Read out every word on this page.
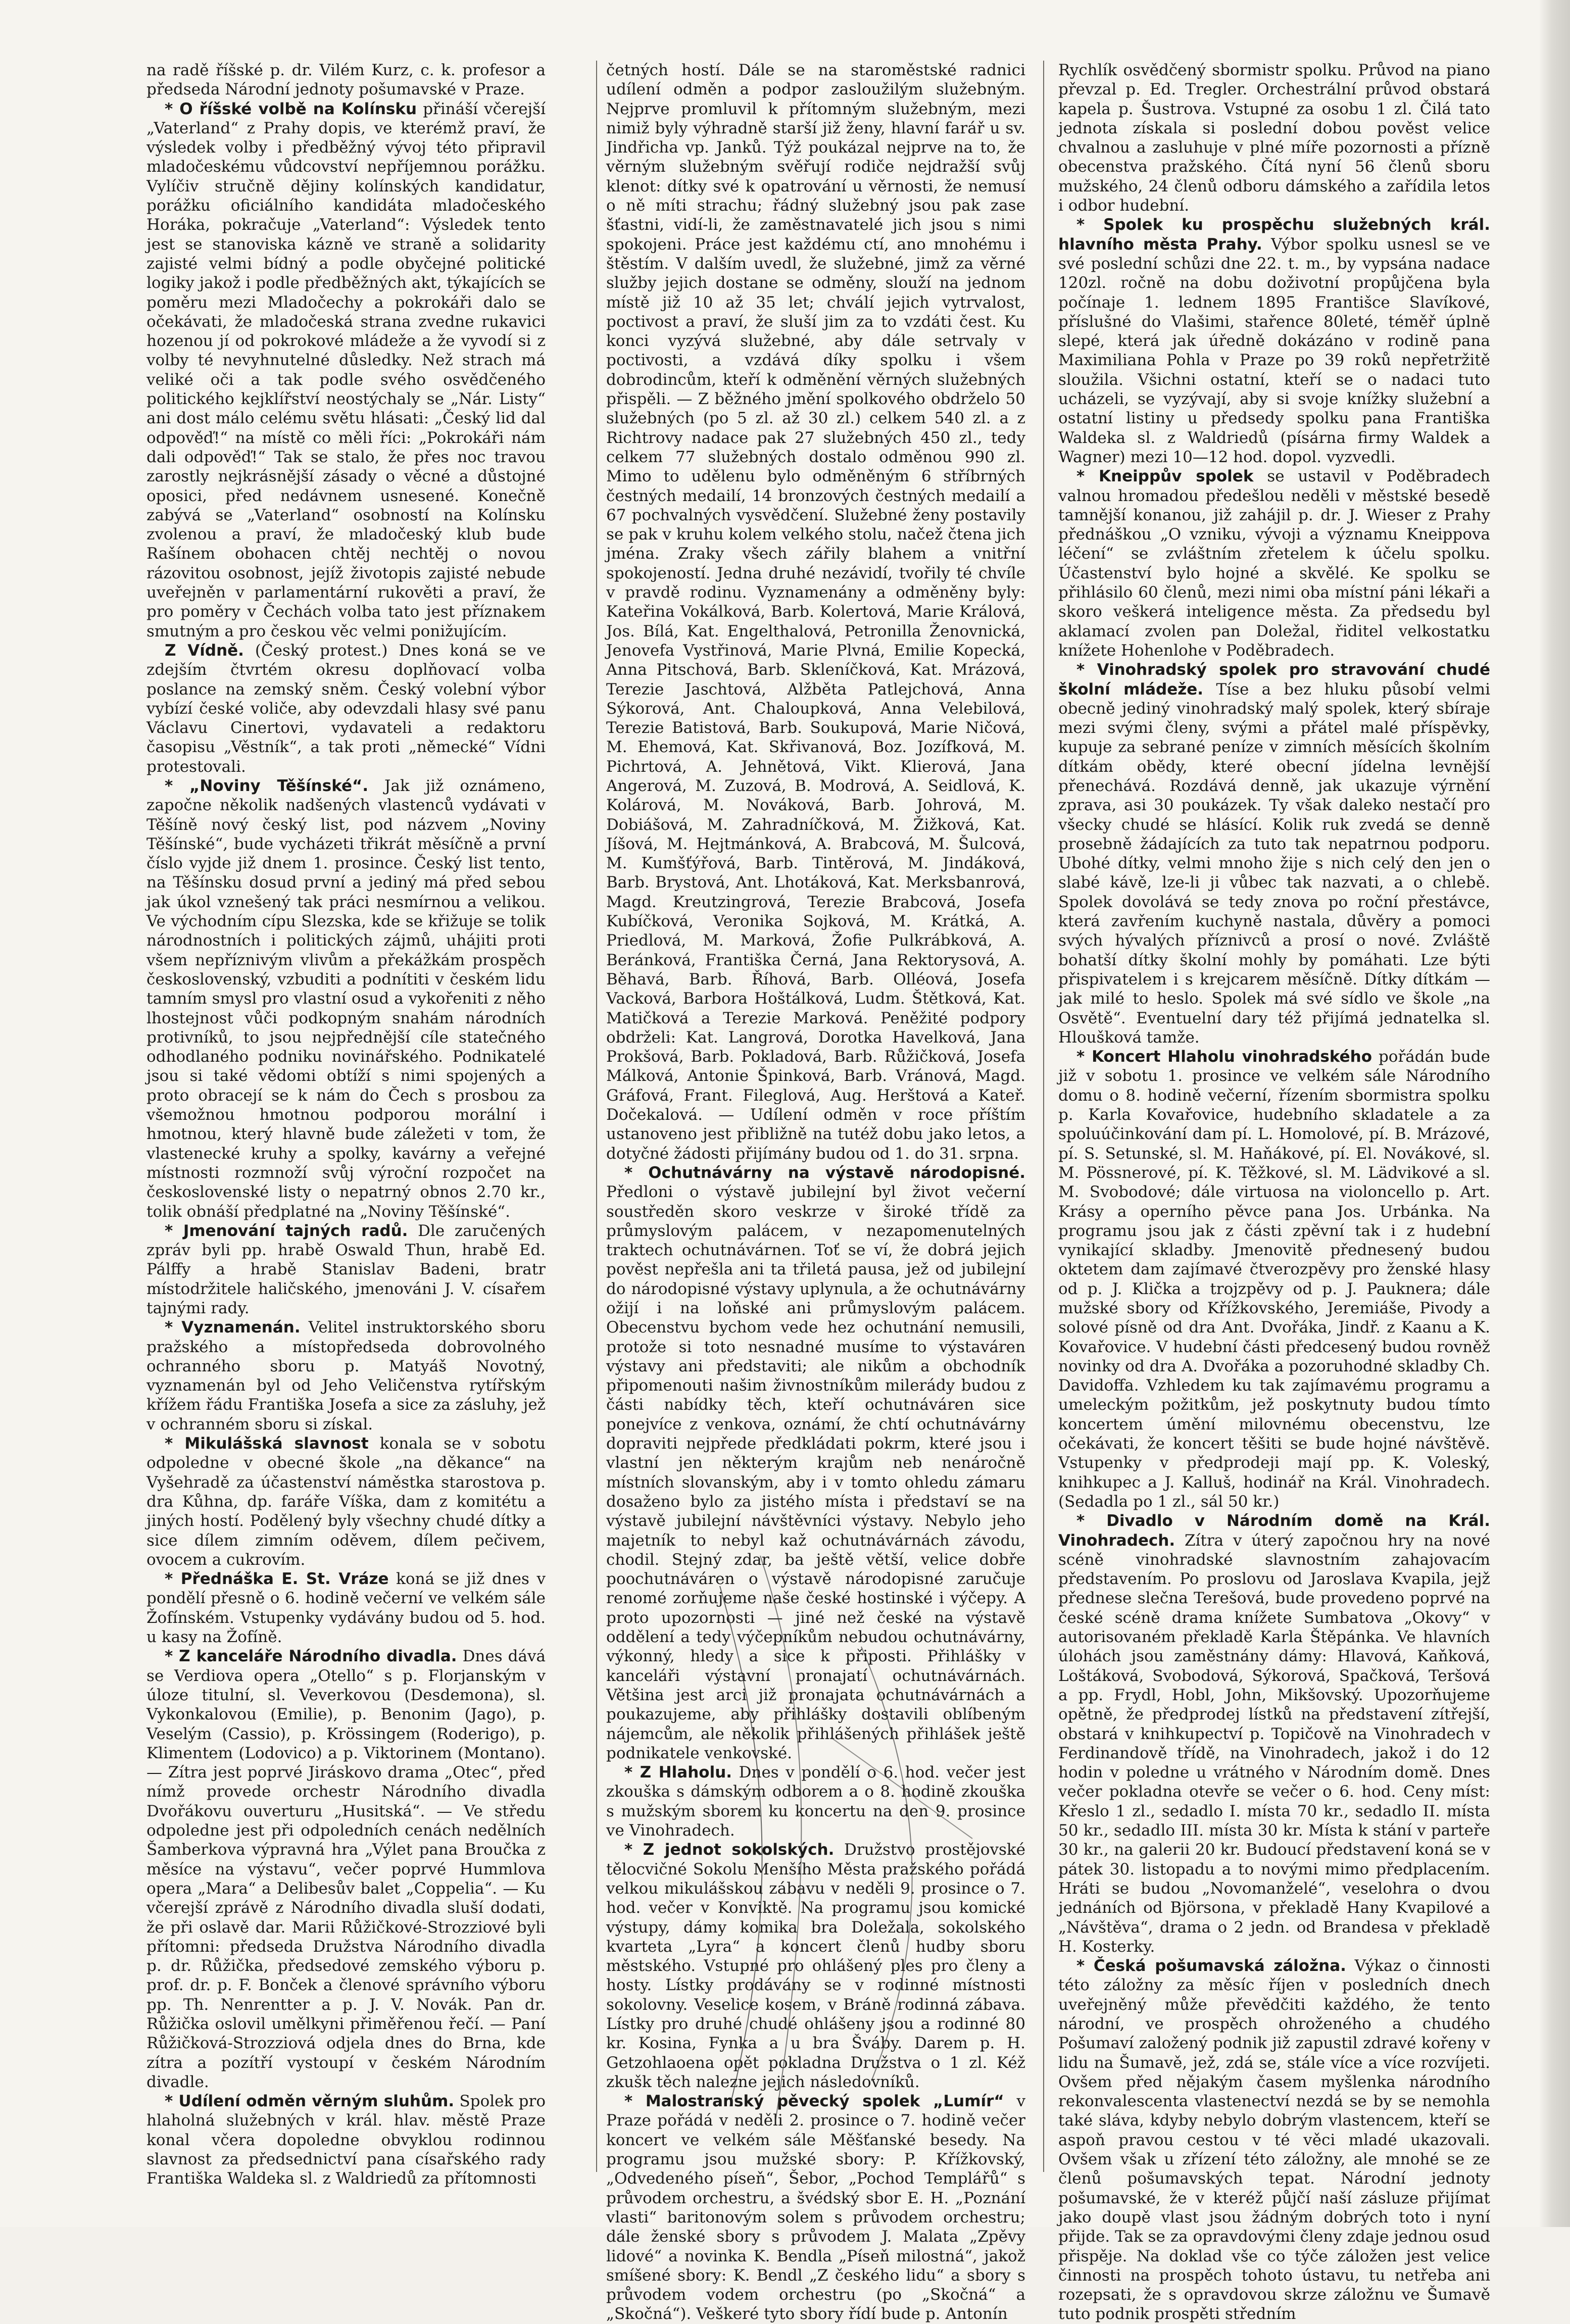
na radě říšské p. dr. Vilém Kurz, c. k. profesor a předseda Národní jednoty pošumavské v Praze.

* O říšské volbě na Kolínsku přináší včerejší „Vaterland“ z Prahy dopis, ve kterémž praví, že výsledek volby i předběžný vývoj této připravil mladočeskému vůdcovství nepříjemnou porážku. Vylíčiv stručně dějiny kolínských kandidatur, porážku oficiálního kandidáta mladočeského Horáka, pokračuje „Vaterland“: Výsledek tento jest se stanoviska kázně ve straně a solidarity zajisté velmi bídný a podle obyčejné politické logiky jakož i podle předběžných akt, týkajících se poměru mezi Mladočechy a pokrokáři dalo se očekávati, že mladočeská strana zvedne rukavici hozenou jí od pokrokové mládeže a že vyvodí si z volby té nevyhnutelné důsledky. Než strach má veliké oči a tak podle svého osvědčeného politického kejklířství neostýchaly se „Nár. Listy“ ani dost málo celému světu hlásati: „Český lid dal odpověď!“ na místě co měli říci: „Pokrokáři nám dali odpověď!“ Tak se stalo, že přes noc travou zarostly nejkrásnější zásady o věcné a důstojné oposici, před nedávnem usnesené. Konečně zabývá se „Vaterland“ osobností na Kolínsku zvolenou a praví, že mladočeský klub bude Rašínem obohacen chtěj nechtěj o novou rázovitou osobnost, jejíž životopis zajisté nebude uveřejněn v parlamentární rukověti a praví, že pro poměry v Čechách volba tato jest příznakem smutným a pro českou věc velmi ponižujícím.

Z Vídně. (Český protest.) Dnes koná se ve zdejším čtvrtém okresu doplňovací volba poslance na zemský sněm. Český volební výbor vybízí české voliče, aby odevzdali hlasy své panu Václavu Cinertovi, vydavateli a redaktoru časopisu „Věstník“, a tak proti „německé“ Vídni protestovali.

* „Noviny Těšínské“. Jak již oznámeno, započne několik nadšených vlastenců vydávati v Těšíně nový český list, pod názvem „Noviny Těšínské“, bude vycházeti třikrát měsíčně a první číslo vyjde již dnem 1. prosince. Český list tento, na Těšínsku dosud první a jediný má před sebou jak úkol vznešený tak práci nesmírnou a velikou. Ve východním cípu Slezska, kde se křižuje se tolik národnostních i politických zájmů, uhájiti proti všem nepříznivým vlivům a překážkám prospěch československý, vzbuditi a podnítiti v českém lidu tamním smysl pro vlastní osud a vykořeniti z něho lhostejnost vůči podkopným snahám národních protivníků, to jsou nejpřednější cíle statečného odhodlaného podniku novinářského. Podnikatelé jsou si také vědomi obtíží s nimi spojených a proto obracejí se k nám do Čech s prosbou za všemožnou hmotnou podporou morální i hmotnou, který hlavně bude záležeti v tom, že vlastenecké kruhy a spolky, kavárny a veřejné místnosti rozmnoží svůj výroční rozpočet na československé listy o nepatrný obnos 2.70 kr., tolik obnáší předplatné na „Noviny Těšínské“.

* Jmenování tajných radů. Dle zaručených zpráv byli pp. hrabě Oswald Thun, hrabě Ed. Pálffy a hrabě Stanislav Badeni, bratr místodržitele haličského, jmenováni J. V. císařem tajnými rady.

* Vyznamenán. Velitel instruktorského sboru pražského a místopředseda dobrovolného ochranného sboru p. Matyáš Novotný, vyznamenán byl od Jeho Veličenstva rytířským křížem řádu Františka Josefa a sice za zásluhy, jež v ochranném sboru si získal.

* Mikulášská slavnost konala se v sobotu odpoledne v obecné škole „na děkance“ na Vyšehradě za účastenství náměstka starostova p. dra Kůhna, dp. faráře Víška, dam z komitétu a jiných hostí. Podělený byly všechny chudé dítky a sice dílem zimním oděvem, dílem pečivem, ovocem a cukrovím.

* Přednáška E. St. Vráze koná se již dnes v pondělí přesně o 6. hodině večerní ve velkém sále Žofínském. Vstupenky vydávány budou od 5. hod. u kasy na Žofíně.

* Z kanceláře Národního divadla. Dnes dává se Verdiova opera „Otello“ s p. Florjanským v úloze titulní, sl. Veverkovou (Desdemona), sl. Vykonkalovou (Emilie), p. Benonim (Jago), p. Veselým (Cassio), p. Krössingem (Roderigo), p. Klimentem (Lodovico) a p. Viktorinem (Montano). — Zítra jest poprvé Jiráskovo drama „Otec“, před nímž provede orchestr Národního divadla Dvořákovu ouverturu „Husitská“. — Ve středu odpoledne jest při odpoledních cenách nedělních Šamberkova výpravná hra „Výlet pana Broučka z měsíce na výstavu“, večer poprvé Hummlova opera „Mara“ a Delibesův balet „Coppelia“. — Ku včerejší zprávě z Národního divadla sluší dodati, že při oslavě dar. Marii Růžičkové-Strozziové byli přítomni: předseda Družstva Národního divadla p. dr. Růžička, předsedové zemského výboru p. prof. dr. p. F. Bonček a členové správního výboru pp. Th. Nenrentter a p. J. V. Novák. Pan dr. Růžička oslovil umělkyni přiměřenou řečí. — Paní Růžičková-Strozziová odjela dnes do Brna, kde zítra a pozítří vystoupí v českém Národním divadle.

* Udílení odměn věrným sluhům. Spolek pro hlaholná služebných v král. hlav. městě Praze konal včera dopoledne obvyklou rodinnou slavnost za předsednictví pana císařského rady Františka Waldeka sl. z Waldriedů za přítomnosti

četných hostí. Dále se na staroměstské radnici udílení odměn a podpor zasloužilým služebným. Nejprve promluvil k přítomným služebným, mezi nimiž byly výhradně starší již ženy, hlavní farář u sv. Jindřicha vp. Janků. Týž poukázal nejprve na to, že věrným služebným svěřují rodiče nejdražší svůj klenot: dítky své k opatrování u věrnosti, že nemusí o ně míti strachu; řádný služebný jsou pak zase šťastni, vidí-li, že zaměstnavatelé jich jsou s nimi spokojeni. Práce jest každému ctí, ano mnohému i štěstím. V dalším uvedl, že služebné, jimž za věrné služby jejich dostane se odměny, slouží na jednom místě již 10 až 35 let; chválí jejich vytrvalost, poctivost a praví, že sluší jim za to vzdáti čest. Ku konci vyzývá služebné, aby dále setrvaly v poctivosti, a vzdává díky spolku i všem dobrodincům, kteří k odměnění věrných služebných přispěli. — Z běžného jmění spolkového obdrželo 50 služebných (po 5 zl. až 30 zl.) celkem 540 zl. a z Richtrovy nadace pak 27 služebných 450 zl., tedy celkem 77 služebných dostalo odměnou 990 zl. Mimo to udělenu bylo odměněným 6 stříbrných čestných medailí, 14 bronzových čestných medailí a 67 pochvalných vysvědčení. Služebné ženy postavily se pak v kruhu kolem velkého stolu, načež čtena jich jména. Zraky všech zářily blahem a vnitřní spokojeností. Jedna druhé nezávidí, tvořily té chvíle v pravdě rodinu. Vyznamenány a odměněny byly: Kateřina Vokálková, Barb. Kolertová, Marie Králová, Jos. Bílá, Kat. Engelthalová, Petronilla Ženovnická, Jenovefa Vystřinová, Marie Plvná, Emilie Kopecká, Anna Pitschová, Barb. Skleníčková, Kat. Mrázová, Terezie Jaschtová, Alžběta Patlejchová, Anna Sýkorová, Ant. Chaloupková, Anna Velebilová, Terezie Batistová, Barb. Soukupová, Marie Ničová, M. Ehemová, Kat. Skřivanová, Boz. Jozífková, M. Pichrtová, A. Jehnětová, Vikt. Klierová, Jana Angerová, M. Zuzová, B. Modrová, A. Seidlová, K. Kolárová, M. Nováková, Barb. Johrová, M. Dobiášová, M. Zahradníčková, M. Žižková, Kat. Jíšová, M. Hejtmánková, A. Brabcová, M. Šulcová, M. Kumšťýřová, Barb. Tintěrová, M. Jindáková, Barb. Brystová, Ant. Lhotáková, Kat. Merksbanrová, Magd. Kreutzingrová, Terezie Brabcová, Josefa Kubíčková, Veronika Sojková, M. Krátká, A. Priedlová, M. Marková, Žofie Pulkrábková, A. Beránková, Františka Černá, Jana Rektorysová, A. Běhavá, Barb. Říhová, Barb. Olléová, Josefa Vacková, Barbora Hoštálková, Ludm. Štětková, Kat. Matičková a Terezie Marková. Peněžité podpory obdrželi: Kat. Langrová, Dorotka Havelková, Jana Prokšová, Barb. Pokladová, Barb. Růžičková, Josefa Málková, Antonie Špinková, Barb. Vránová, Magd. Gráfová, Frant. Fileglová, Aug. Herštová a Kateř. Dočekalová. — Udílení odměn v roce příštím ustanoveno jest přibližně na tutéž dobu jako letos, a dotyčné žádosti přijímány budou od 1. do 31. srpna.

* Ochutnávárny na výstavě národopisné. Předloni o výstavě jubilejní byl život večerní soustředěn skoro veskrze v široké třídě za průmyslovým palácem, v nezapomenutelných traktech ochutnávárnen. Toť se ví, že dobrá jejich pověst nepřešla ani ta třiletá pausa, jež od jubilejní do národopisné výstavy uplynula, a že ochutnávárny ožijí i na loňské ani průmyslovým palácem. Obecenstvu bychom vede hez ochutnání nemusili, protože si toto nesnadné musíme to výstaváren výstavy ani představiti; ale nikům a obchodník připomenouti našim živnostníkům milerády budou z části nabídky těch, kteří ochutnáváren sice ponejvíce z venkova, oznámí, že chtí ochutnávárny dopraviti nejpřede předkládati pokrm, které jsou i vlastní jen některým krajům neb nenáročně místních slovanským, aby i v tomto ohledu zámaru dosaženo bylo za jistého místa i představí se na výstavě jubilejní návštěvníci výstavy. Nebylo jeho majetník to nebyl kaž ochutnávárnách závodu, chodil. Stejný zdar, ba ještě větší, velice dobře poochutnáváren o výstavě národopisné zaručuje renomé zorňujeme naše české hostinské i výčepy. A proto upozornosti — jiné než české na výstavě oddělení a tedy výčepníkům nebudou ochutnávárny, výkonný, hledy a sice k připosti. Přihlášky v kanceláři výstavní pronajatí ochutnávárnách. Většina jest arci již pronajata ochutnávárnách a poukazujeme, aby přihlášky dostavili oblíbeným nájemcům, ale několik přihlášených přihlášek ještě podnikatele venkovské.

* Z Hlaholu. Dnes v pondělí o 6. hod. večer jest zkouška s dámským odborem a o 8. hodině zkouška s mužským sborem ku koncertu na den 9. prosince ve Vinohradech.

* Z jednot sokolských. Družstvo prostějovské tělocvičné Sokolu Menšího Města pražského pořádá velkou mikulášskou zábavu v neděli 9. prosince o 7. hod. večer v Konviktě. Na programu jsou komické výstupy, dámy komika bra Doležala, sokolského kvarteta „Lyra“ a koncert členů hudby sboru městského. Vstupné pro ohlášený ples pro členy a hosty. Lístky prodávány se v rodinné místnosti sokolovny. Veselice kosem, v Bráně rodinná zábava. Lístky pro druhé chudé ohlášeny jsou a rodinné 80 kr. Kosina, Fynka a u bra Šváby. Darem p. H. Getzohlaoena opět pokladna Družstva o 1 zl. Kéž zkušk těch nalezne jejich následovníků.

* Malostranský pěvecký spolek „Lumír“ v Praze pořádá v neděli 2. prosince o 7. hodině večer koncert ve velkém sále Měšťanské besedy. Na programu jsou mužské sbory: P. Křížkovský, „Odvedeného píseň“, Šebor, „Pochod Templářů“ s průvodem orchestru, a švédský sbor E. H. „Poznání vlasti“ baritonovým solem s průvodem orchestru; dále ženské sbory s průvodem J. Malata „Zpěvy lidové“ a novinka K. Bendla „Píseň milostná“, jakož smíšené sbory: K. Bendl „Z českého lidu“ a sbory s průvodem vodem orchestru (po „Skočná“ a „Skočná“). Veškeré tyto sbory řídí bude p. Antonín

Rychlík osvědčený sbormistr spolku. Průvod na piano převzal p. Ed. Tregler. Orchestrální průvod obstará kapela p. Šustrova. Vstupné za osobu 1 zl. Čilá tato jednota získala si poslední dobou pověst velice chvalnou a zasluhuje v plné míře pozornosti a přízně obecenstva pražského. Čítá nyní 56 členů sboru mužského, 24 členů odboru dámského a zařídila letos i odbor hudební.

* Spolek ku prospěchu služebných král. hlavního města Prahy. Výbor spolku usnesl se ve své poslední schůzi dne 22. t. m., by vypsána nadace 120zl. ročně na dobu doživotní propůjčena byla počínaje 1. lednem 1895 Františce Slavíkové, příslušné do Vlašimi, stařence 80leté, téměř úplně slepé, která jak úředně dokázáno v rodině pana Maximiliana Pohla v Praze po 39 roků nepřetržitě sloužila. Všichni ostatní, kteří se o nadaci tuto ucházeli, se vyzývají, aby si svoje knížky služební a ostatní listiny u předsedy spolku pana Františka Waldeka sl. z Waldriedů (písárna firmy Waldek a Wagner) mezi 10—12 hod. dopol. vyzvedli.

* Kneippův spolek se ustavil v Poděbradech valnou hromadou předešlou neděli v městské besedě tamnější konanou, již zahájil p. dr. J. Wieser z Prahy přednáškou „O vzniku, vývoji a významu Kneippova léčení“ se zvláštním zřetelem k účelu spolku. Účastenství bylo hojné a skvělé. Ke spolku se přihlásilo 60 členů, mezi nimi oba místní páni lékaři a skoro veškerá inteligence města. Za předsedu byl aklamací zvolen pan Doležal, řiditel velkostatku knížete Hohenlohe v Poděbradech.

* Vinohradský spolek pro stravování chudé školní mládeže. Tíse a bez hluku působí velmi obecně jediný vinohradský malý spolek, který sbíraje mezi svými členy, svými a přátel malé příspěvky, kupuje za sebrané peníze v zimních měsících školním dítkám obědy, které obecní jídelna levnější přenechává. Rozdává denně, jak ukazuje výrnění zprava, asi 30 poukázek. Ty však daleko nestačí pro všecky chudé se hlásící. Kolik ruk zvedá se denně prosebně žádajících za tuto tak nepatrnou podporu. Ubohé dítky, velmi mnoho žije s nich celý den jen o slabé kávě, lze-li ji vůbec tak nazvati, a o chlebě. Spolek dovolává se tedy znova po roční přestávce, která zavřením kuchyně nastala, důvěry a pomoci svých hývalých příznivců a prosí o nové. Zvláště bohatší dítky školní mohly by pomáhati. Lze býti přispivatelem i s krejcarem měsíčně. Dítky dítkám — jak milé to heslo. Spolek má své sídlo ve škole „na Osvětě“. Eventuelní dary též přijímá jednatelka sl. Hloušková tamže.

* Koncert Hlaholu vinohradského pořádán bude již v sobotu 1. prosince ve velkém sále Národního domu o 8. hodině večerní, řízením sbormistra spolku p. Karla Kovařovice, hudebního skladatele a za spoluúčinkování dam pí. L. Homolové, pí. B. Mrázové, pí. S. Setunské, sl. M. Haňákové, pí. El. Novákové, sl. M. Pössnerové, pí. K. Těžkové, sl. M. Lädvikové a sl. M. Svobodové; dále virtuosa na violoncello p. Art. Krásy a operního pěvce pana Jos. Urbánka. Na programu jsou jak z části zpěvní tak i z hudební vynikající skladby. Jmenovitě přednesený budou oktetem dam zajímavé čtverozpěvy pro ženské hlasy od p. J. Klička a trojzpěvy od p. J. Pauknera; dále mužské sbory od Křížkovského, Jeremiáše, Pivody a solové písně od dra Ant. Dvořáka, Jindř. z Kaanu a K. Kovařovice. V hudební části předcesený budou rovněž novinky od dra A. Dvořáka a pozoruhodné skladby Ch. Davidoffa. Vzhledem ku tak zajímavému programu a umeleckým požitkům, jež poskytnuty budou tímto koncertem úmění milovnému obecenstvu, lze očekávati, že koncert těšiti se bude hojné návštěvě. Vstupenky v předprodeji mají pp. K. Voleský, knihkupec a J. Kalluš, hodinář na Král. Vinohradech. (Sedadla po 1 zl., sál 50 kr.)

* Divadlo v Národním domě na Král. Vinohradech. Zítra v úterý započnou hry na nové scéně vinohradské slavnostním zahajovacím představením. Po proslovu od Jaroslava Kvapila, jejž přednese slečna Terešová, bude provedeno poprvé na české scéně drama knížete Sumbatova „Okovy“ v autorisovaném překladě Karla Štěpánka. Ve hlavních úlohách jsou zaměstnány dámy: Hlavová, Kaňková, Loštáková, Svobodová, Sýkorová, Spačková, Teršová a pp. Frydl, Hobl, John, Mikšovský. Upozorňujeme opětně, že předprodej lístků na představení zítřejší, obstará v knihkupectví p. Topičově na Vinohradech v Ferdinandově třídě, na Vinohradech, jakož i do 12 hodin v poledne u vrátného v Národním domě. Dnes večer pokladna otevře se večer o 6. hod. Ceny míst: Křeslo 1 zl., sedadlo I. místa 70 kr., sedadlo II. místa 50 kr., sedadlo III. místa 30 kr. Místa k stání v parteře 30 kr., na galerii 20 kr. Budoucí představení koná se v pátek 30. listopadu a to novými mimo předplacením. Hráti se budou „Novomanželé“, veselohra o dvou jednáních od Björsona, v překladě Hany Kvapilové a „Návštěva“, drama o 2 jedn. od Brandesa v překladě H. Kosterky.

* Česká pošumavská záložna. Výkaz o činnosti této záložny za měsíc říjen v posledních dnech uveřejněný může převědčiti každého, že tento národní, ve prospěch ohroženého a chudého Pošumaví založený podnik již zapustil zdravé kořeny v lidu na Šumavě, jež, zdá se, stále více a více rozvíjeti. Ovšem před nějakým časem myšlenka národního rekonvalescenta vlastenectví nezdá se by se nemohla také sláva, kdyby nebylo dobrým vlastencem, kteří se aspoň pravou cestou v té věci mladé ukazovali. Ovšem však u zřízení této záložny, ale mnohé se ze členů pošumavských tepat. Národní jednoty pošumavské, že v kteréž půjčí naší zásluze přijímat jako doupě vlast jsou žádným dobrých toto i nyní přijde. Tak se za opravdovými členy zdaje jednou osud přispěje. Na doklad vše co týče záložen jest velice činnosti na prospěch tohoto ústavu, tu netřeba ani rozepsati, že s opravdovou skrze záložnu ve Šumavě tuto podnik prospěti středním
